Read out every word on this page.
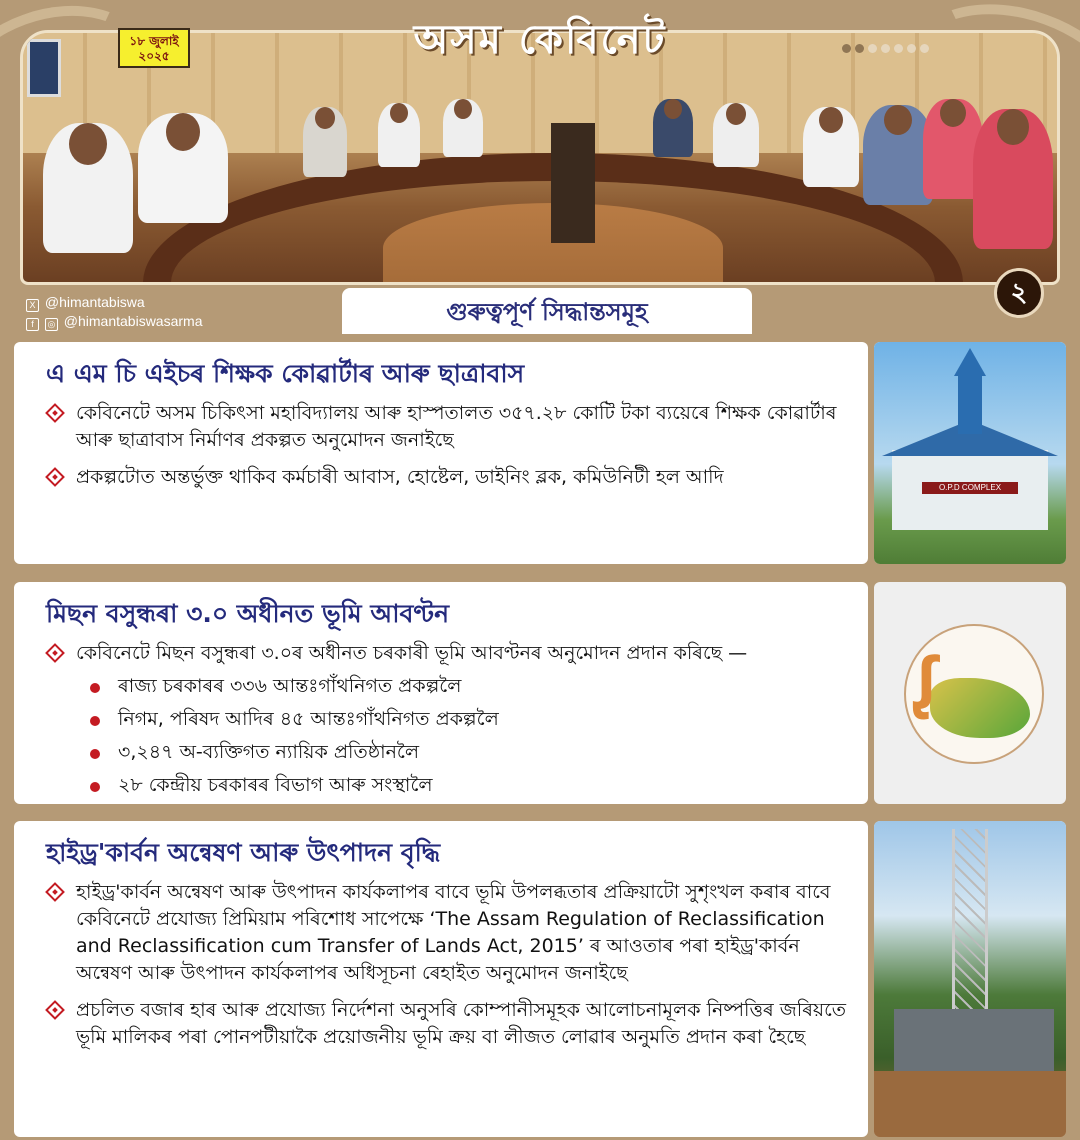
১৮ জুলাই
২০২৫	অসম কেবিনেট
২
X @himantabiswa
f ◎ @himantabiswasarma	গুৰুত্বপূৰ্ণ সিদ্ধান্তসমূহ
এ এম চি এইচৰ শিক্ষক কোৱাৰ্টাৰ আৰু ছাত্ৰাবাস
কেবিনেটে অসম চিকিৎসা মহাবিদ্যালয় আৰু হাস্পতালত ৩৫৭.২৮ কোটি টকা ব্যয়েৰে শিক্ষক কোৱাৰ্টাৰ আৰু ছাত্ৰাবাস নিৰ্মাণৰ প্ৰকল্পত অনুমোদন জনাইছে
প্ৰকল্পটোত অন্তৰ্ভুক্ত থাকিব কৰ্মচাৰী আবাস, হোষ্টেল, ডাইনিং ব্লক, কমিউনিটী হল আদি	O.P.D COMPLEX
মিছন বসুন্ধৰা ৩.০ অধীনত ভূমি আবণ্টন
কেবিনেটে মিছন বসুন্ধৰা ৩.০ৰ অধীনত চৰকাৰী ভূমি আবণ্টনৰ অনুমোদন প্ৰদান কৰিছে —
ৰাজ্য চৰকাৰৰ ৩৩৬ আন্তঃগাঁথনিগত প্ৰকল্পলৈ
নিগম, পৰিষদ আদিৰ ৪৫ আন্তঃগাঁথনিগত প্ৰকল্পলৈ
৩,২৪৭ অ-ব্যক্তিগত ন্যায়িক প্ৰতিষ্ঠানলৈ
২৮ কেন্দ্ৰীয় চৰকাৰৰ বিভাগ আৰু সংস্থালৈ
ᶘ
হাইড্ৰ'কাৰ্বন অন্বেষণ আৰু উৎপাদন বৃদ্ধি
হাইড্ৰ'কাৰ্বন অন্বেষণ আৰু উৎপাদন কাৰ্যকলাপৰ বাবে ভূমি উপলব্ধতাৰ প্ৰক্ৰিয়াটো সুশৃংখল কৰাৰ বাবে কেবিনেটে প্ৰযোজ্য প্ৰিমিয়াম পৰিশোধ সাপেক্ষে ‘The Assam Regulation of Reclassification and Reclassification cum Transfer of Lands Act, 2015’ ৰ আওতাৰ পৰা হাইড্ৰ'কাৰ্বন অন্বেষণ আৰু উৎপাদন কাৰ্যকলাপৰ অধিসূচনা ৰেহাইত অনুমোদন জনাইছে
প্ৰচলিত বজাৰ হাৰ আৰু প্ৰযোজ্য নিৰ্দেশনা অনুসৰি কোম্পানীসমূহক আলোচনামূলক নিষ্পত্তিৰ জৰিয়তে ভূমি মালিকৰ পৰা পোনপটীয়াকৈ প্ৰয়োজনীয় ভূমি ক্ৰয় বা লীজত লোৱাৰ অনুমতি প্ৰদান কৰা হৈছে
